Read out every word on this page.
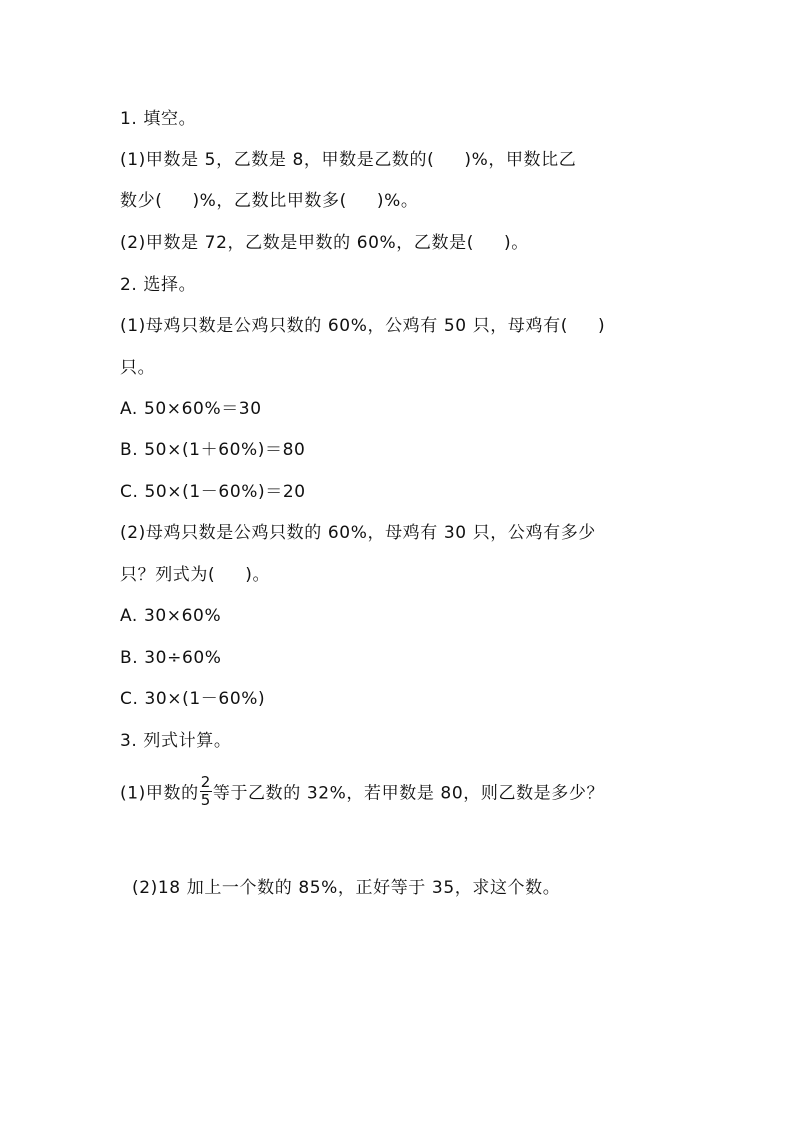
1. 填空。
(1)甲数是 5，乙数是 8，甲数是乙数的(     )%，甲数比乙
数少(     )%，乙数比甲数多(     )%。
(2)甲数是 72，乙数是甲数的 60%，乙数是(     )。
2. 选择。
(1)母鸡只数是公鸡只数的 60%，公鸡有 50 只，母鸡有(     )
只。
A. 50×60%＝30
B. 50×(1＋60%)＝80
C. 50×(1－60%)＝20
(2)母鸡只数是公鸡只数的 60%，母鸡有 30 只，公鸡有多少
只？列式为(     )。
A. 30×60%
B. 30÷60%
C. 30×(1－60%)
3. 列式计算。
(1)甲数的 $\frac{2}{5}$ 等于乙数的 32%，若甲数是 80，则乙数是多少？
(2)18 加上一个数的 85%，正好等于 35，求这个数。
